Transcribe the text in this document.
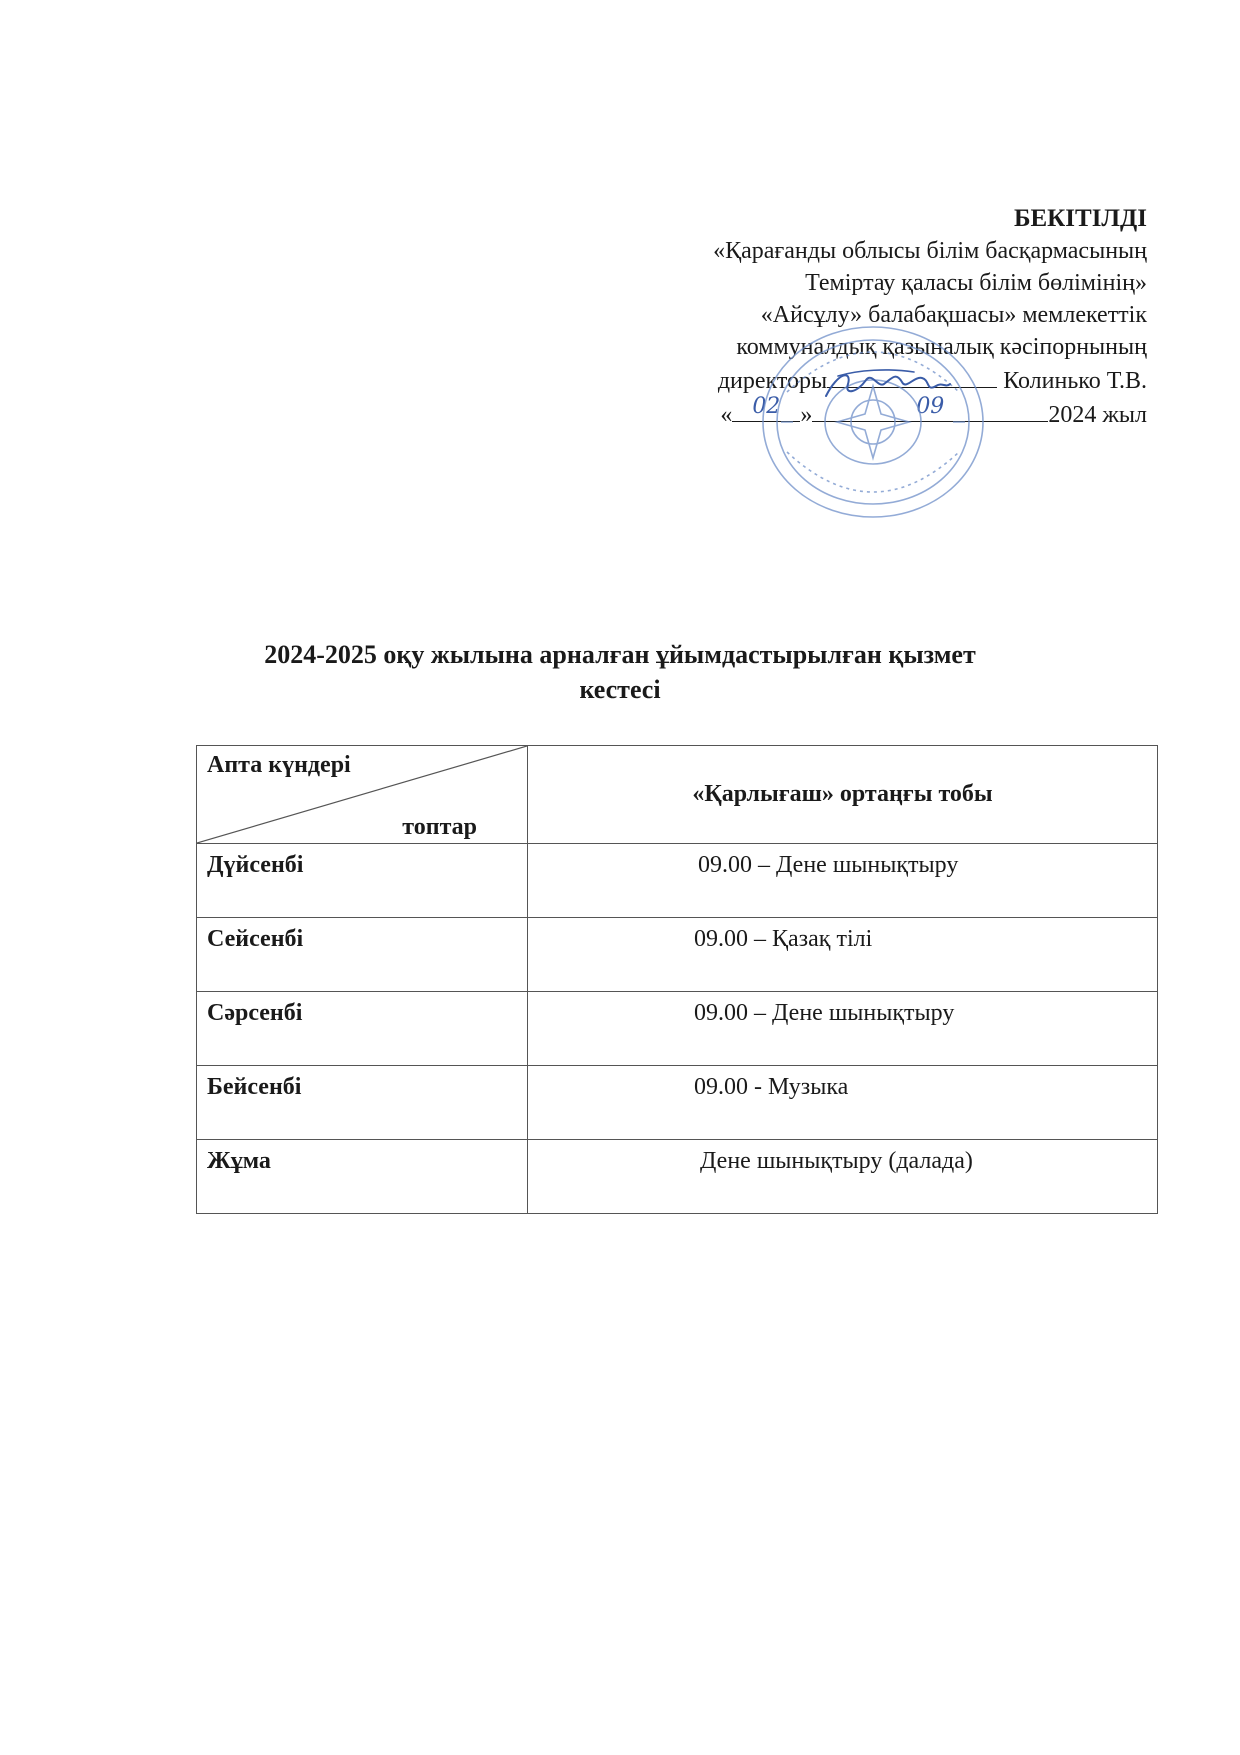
БЕКІТІЛДІ
«Қарағанды облысы білім басқармасының
Теміртау қаласы білім бөлімінің»
«Айсұлу» балабақшасы» мемлекеттік
коммуналдық қазыналық кәсіпорнының
директоры	Колинько Т.В.
« 02 »	09	2024 жыл
2024-2025 оқу жылына арналған ұйымдастырылған қызмет
кестесі
Апта күндері
топтар	«Қарлығаш» ортаңғы тобы
Дүйсенбі	09.00 – Дене шынықтыру
Сейсенбі	09.00 – Қазақ тілі
Сәрсенбі	09.00 – Дене шынықтыру
Бейсенбі	09.00 - Музыка
Жұма	Дене шынықтыру (далада)
